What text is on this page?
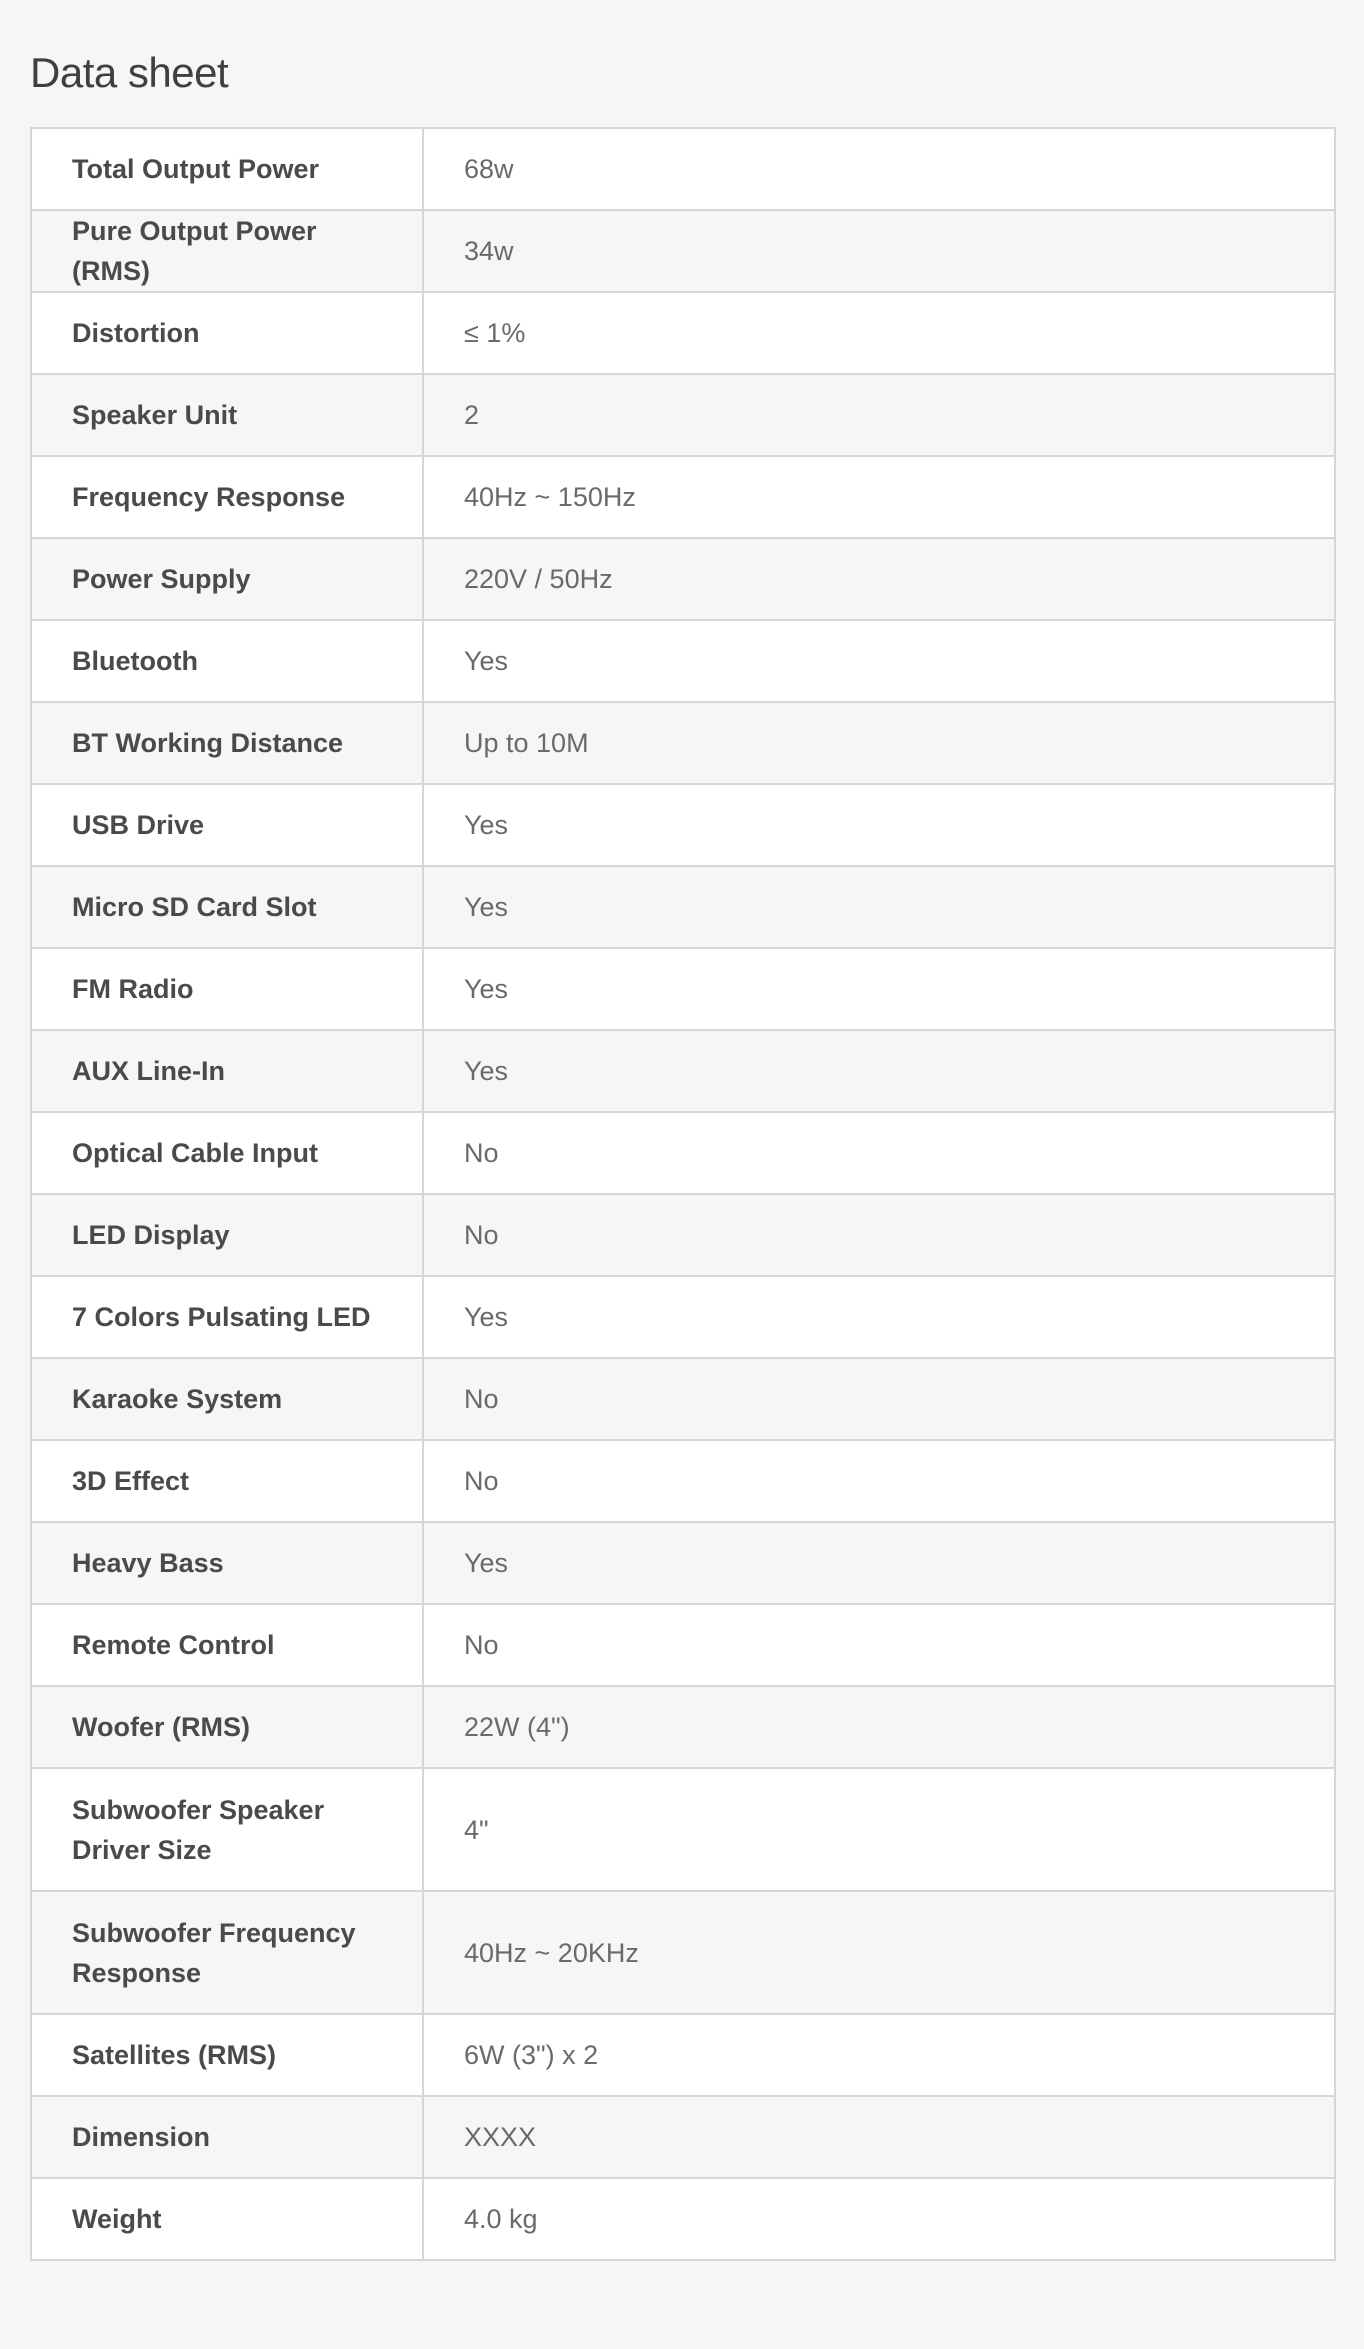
Data sheet
Total Output Power	68w
Pure Output Power (RMS)	34w
Distortion	≤ 1%
Speaker Unit	2
Frequency Response	40Hz ~ 150Hz
Power Supply	220V / 50Hz
Bluetooth	Yes
BT Working Distance	Up to 10M
USB Drive	Yes
Micro SD Card Slot	Yes
FM Radio	Yes
AUX Line-In	Yes
Optical Cable Input	No
LED Display	No
7 Colors Pulsating LED	Yes
Karaoke System	No
3D Effect	No
Heavy Bass	Yes
Remote Control	No
Woofer (RMS)	22W (4")
Subwoofer Speaker Driver Size	4"
Subwoofer Frequency Response	40Hz ~ 20KHz
Satellites (RMS)	6W (3") x 2
Dimension	XXXX
Weight	4.0 kg
